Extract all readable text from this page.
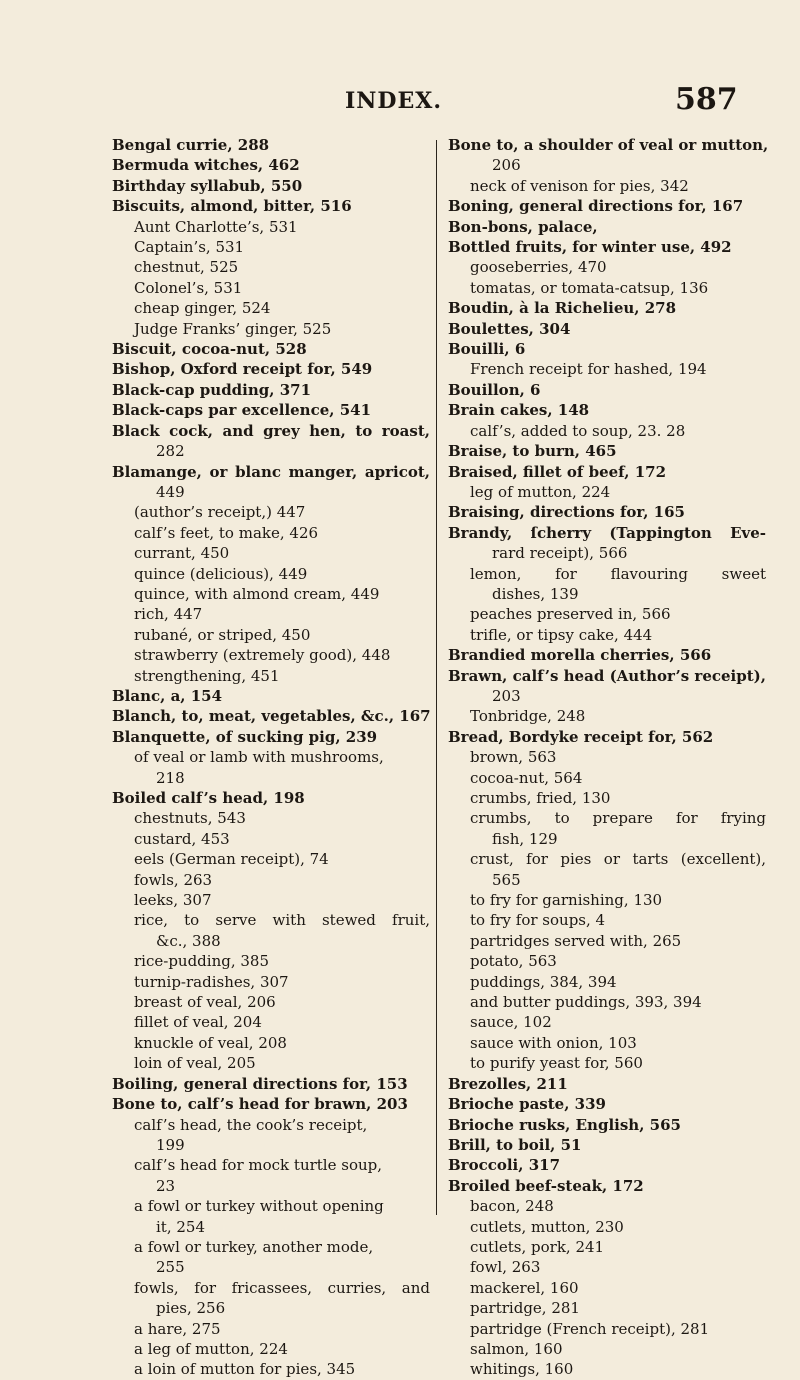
INDEX.	587
Bengal currie, 288
Bermuda witches, 462
Birthday syllabub, 550
Biscuits, almond, bitter, 516
Aunt Charlotte’s, 531
Captain’s, 531
chestnut, 525
Colonel’s, 531
cheap ginger, 524
Judge Franks’ ginger, 525
Biscuit, cocoa-nut, 528
Bishop, Oxford receipt for, 549
Black-cap pudding, 371
Black-caps par excellence, 541
Black cock, and grey hen, to roast,
282
Blamange, or blanc manger, apricot,
449
(author’s receipt,) 447
calf’s feet, to make, 426
currant, 450
quince (delicious), 449
quince, with almond cream, 449
rich, 447
rubané, or striped, 450
strawberry (extremely good), 448
strengthening, 451
Blanc, a, 154
Blanch, to, meat, vegetables, &c., 167
Blanquette, of sucking pig, 239
of veal or lamb with mushrooms,
218
Boiled calf’s head, 198
chestnuts, 543
custard, 453
eels (German receipt), 74
fowls, 263
leeks, 307
rice, to serve with stewed fruit,
&c., 388
rice-pudding, 385
turnip-radishes, 307
breast of veal, 206
fillet of veal, 204
knuckle of veal, 208
loin of veal, 205
Boiling, general directions for, 153
Bone to, calf’s head for brawn, 203
calf’s head, the cook’s receipt,
199
calf’s head for mock turtle soup,
23
a fowl or turkey without opening
it, 254
a fowl or turkey, another mode,
255
fowls, for fricassees, curries, and
pies, 256
a hare, 275
a leg of mutton, 224
a loin of mutton for pies, 345
Bone to, a shoulder of veal or mutton,
206
neck of venison for pies, 342
Boning, general directions for, 167
Bon-bons, palace,
Bottled fruits, for winter use, 492
gooseberries, 470
tomatas, or tomata-catsup, 136
Boudin, à la Richelieu, 278
Boulettes, 304
Bouilli, 6
French receipt for hashed, 194
Bouillon, 6
Brain cakes, 148
calf’s, added to soup, 23. 28
Braise, to burn, 465
Braised, fillet of beef, 172
leg of mutton, 224
Braising, directions for, 165
Brandy, ſcherry (Tappington Eve-
rard receipt), 566
lemon, for flavouring sweet
dishes, 139
peaches preserved in, 566
trifle, or tipsy cake, 444
Brandied morella cherries, 566
Brawn, calf’s head (Author’s receipt),
203
Tonbridge, 248
Bread, Bordyke receipt for, 562
brown, 563
cocoa-nut, 564
crumbs, fried, 130
crumbs, to prepare for frying
fish, 129
crust, for pies or tarts (excellent),
565
to fry for garnishing, 130
to fry for soups, 4
partridges served with, 265
potato, 563
puddings, 384, 394
and butter puddings, 393, 394
sauce, 102
sauce with onion, 103
to purify yeast for, 560
Brezolles, 211
Brioche paste, 339
Brioche rusks, English, 565
Brill, to boil, 51
Broccoli, 317
Broiled beef-steak, 172
bacon, 248
cutlets, mutton, 230
cutlets, pork, 241
fowl, 263
mackerel, 160
partridge, 281
partridge (French receipt), 281
salmon, 160
whitings, 160
